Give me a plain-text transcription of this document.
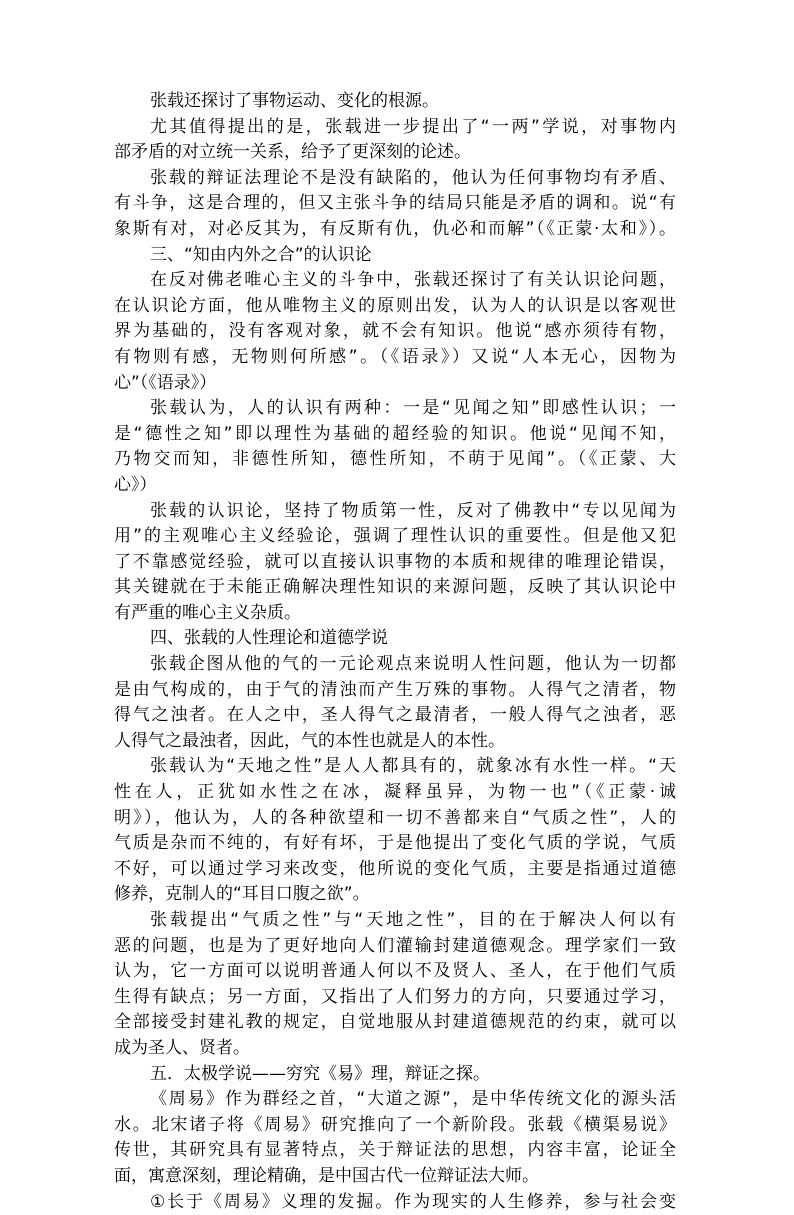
张载还探讨了事物运动、变化的根源。
尤其值得提出的是，张载进一步提出了“一两”学说，对事物内
部矛盾的对立统一关系，给予了更深刻的论述。
张载的辩证法理论不是没有缺陷的，他认为任何事物均有矛盾、
有斗争，这是合理的，但又主张斗争的结局只能是矛盾的调和。说“有
象斯有对，对必反其为，有反斯有仇，仇必和而解”（《正蒙·太和》）。
三、“知由内外之合”的认识论
在反对佛老唯心主义的斗争中，张载还探讨了有关认识论问题，
在认识论方面，他从唯物主义的原则出发，认为人的认识是以客观世
界为基础的，没有客观对象，就不会有知识。他说“感亦须待有物，
有物则有感，无物则何所感”。（《语录》）又说“人本无心，因物为
心”（《语录》）
张载认为，人的认识有两种：一是“见闻之知”即感性认识；一
是“德性之知”即以理性为基础的超经验的知识。他说“见闻不知，
乃物交而知，非德性所知，德性所知，不萌于见闻”。（《正蒙、大
心》）
张载的认识论，坚持了物质第一性，反对了佛教中“专以见闻为
用”的主观唯心主义经验论，强调了理性认识的重要性。但是他又犯
了不靠感觉经验，就可以直接认识事物的本质和规律的唯理论错误，
其关键就在于未能正确解决理性知识的来源问题，反映了其认识论中
有严重的唯心主义杂质。
四、张载的人性理论和道德学说
张载企图从他的气的一元论观点来说明人性问题，他认为一切都
是由气构成的，由于气的清浊而产生万殊的事物。人得气之清者，物
得气之浊者。在人之中，圣人得气之最清者，一般人得气之浊者，恶
人得气之最浊者，因此，气的本性也就是人的本性。
张载认为“天地之性”是人人都具有的，就象冰有水性一样。“天
性在人，正犹如水性之在冰，凝释虽异，为物一也”（《正蒙·诚
明》），他认为，人的各种欲望和一切不善都来自“气质之性”，人的
气质是杂而不纯的，有好有坏，于是他提出了变化气质的学说，气质
不好，可以通过学习来改变，他所说的变化气质，主要是指通过道德
修养，克制人的“耳目口腹之欲”。
张载提出“气质之性”与“天地之性”，目的在于解决人何以有
恶的问题，也是为了更好地向人们灌输封建道德观念。理学家们一致
认为，它一方面可以说明普通人何以不及贤人、圣人，在于他们气质
生得有缺点；另一方面，又指出了人们努力的方向，只要通过学习，
全部接受封建礼教的规定，自觉地服从封建道德规范的约束，就可以
成为圣人、贤者。
五．太极学说——穷究《易》理，辩证之探。
《周易》作为群经之首，“大道之源”，是中华传统文化的源头活
水。北宋诸子将《周易》研究推向了一个新阶段。张载《横渠易说》
传世，其研究具有显著特点，关于辩证法的思想，内容丰富，论证全
面，寓意深刻，理论精确，是中国古代一位辩证法大师。
①长于《周易》义理的发掘。作为现实的人生修养，参与社会变
